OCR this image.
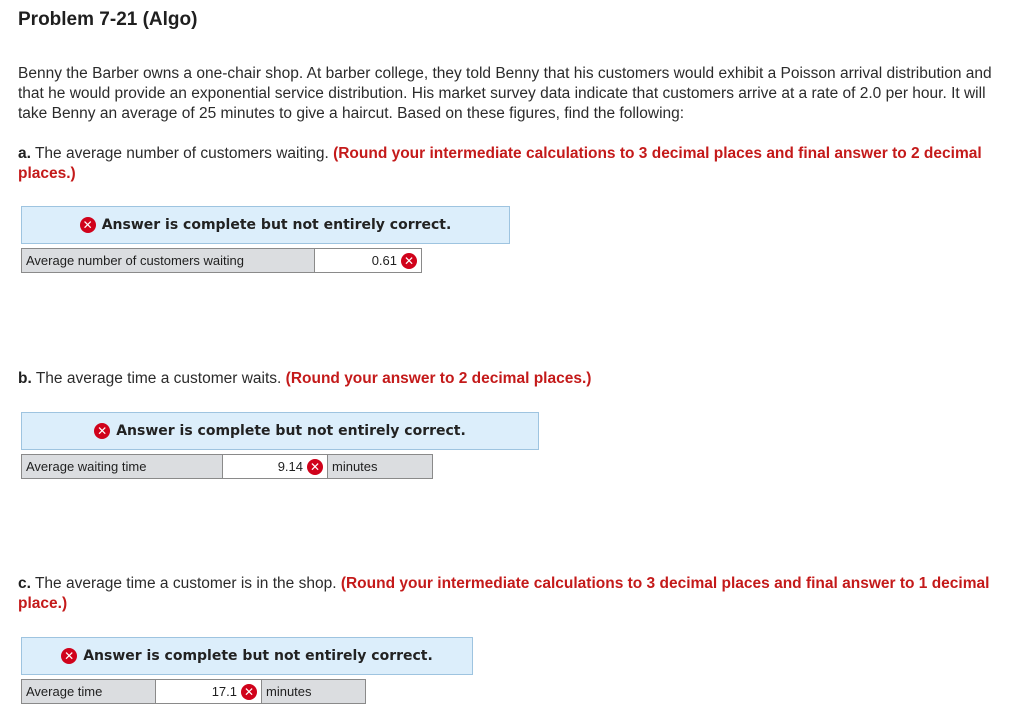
Problem 7-21 (Algo)
Benny the Barber owns a one-chair shop. At barber college, they told Benny that his customers would exhibit a Poisson arrival distribution and that he would provide an exponential service distribution. His market survey data indicate that customers arrive at a rate of 2.0 per hour. It will take Benny an average of 25 minutes to give a haircut. Based on these figures, find the following:
a. The average number of customers waiting. (Round your intermediate calculations to 3 decimal places and final answer to 2 decimal places.)
✕ Answer is complete but not entirely correct.
Average number of customers waiting	0.61 ✕
b. The average time a customer waits. (Round your answer to 2 decimal places.)
✕ Answer is complete but not entirely correct.
Average waiting time	9.14 ✕ minutes
c. The average time a customer is in the shop. (Round your intermediate calculations to 3 decimal places and final answer to 1 decimal place.)
✕ Answer is complete but not entirely correct.
Average time	17.1 ✕ minutes
